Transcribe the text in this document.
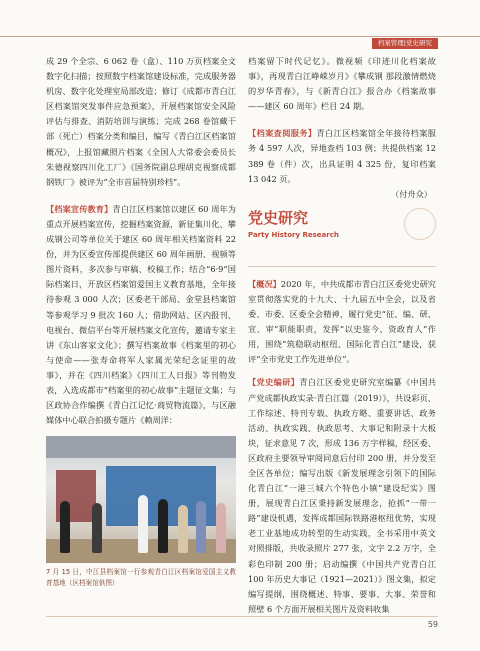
档案管理|党史研究

成 29 个全宗、6 062 卷（盒）、110 万页档案全文数字化扫描；按照数字档案馆建设标准，完成服务器机房、数字化处理室局部改造；修订《成都市青白江区档案馆突发事件应急预案》，开展档案馆安全风险评估与排查、消防培训与演练；完成 268 卷馆藏干部（死亡）档案分类和编目，编写《青白江区档案馆概况》，上报馆藏照片档案《全国人大常委会委员长朱德视察四川化工厂》《国务院副总理胡克视察成都钢铁厂》被评为“全市首届特别珍档”。

【档案宣传教育】青白江区档案馆以建区 60 周年为重点开展档案宣传，挖掘档案资源，新征集川化、攀成钢公司等单位关于建区 60 周年相关档案资料 22 份，并为区委宣传部提供建区 60 周年画册、视频等图片资料，多次参与审稿、校稿工作；结合“6·9”国际档案日，开放区档案馆爱国主义教育基地，全年接待参观 3 000 人次；区委老干部局、金堂县档案馆等参观学习 9 批次 160 人；借助网站、区内报刊、电视台、微信平台等开展档案文化宣传，邀请专家主讲《东山客家文化》；撰写档案故事《档案里的初心与使命——张寿命将军人家属光荣纪念证里的故事》，并在《四川档案》《四川工人日报》等刊物发表，入选成都市“档案里的初心故事”主题征文集；与区政协合作编撰《青白江记忆·商贸物流篇》，与区融媒体中心联合拍摄专题片《赖周洋：

7 月 15 日，中江县档案馆一行参观青白江区档案馆爱国主义教育基地（区档案馆供图）

档案留下时代记忆》。微视频《印迹川化档案故事》，再现青白江峥嵘岁月》《攀成钢 那段激情燃烧的岁华青春》，与《新青白江》报合办《档案故事——建区 60 周年》栏目 24 期。

【档案查阅服务】青白江区档案馆全年接待档案服务 4 597 人次，异地查档 103 例；共提供档案 12 389 卷（件）次，出具证明 4 325 份，复印档案 13 042 页。

（付舟众）

党史研究
Party History Research

【概况】2020 年，中共成都市青白江区委党史研究室贯彻落实党的十九大、十九届五中全会，以及省委、市委、区委全会精神，履行党史“征、编、研、宣、审”职能职责，发挥“以史鉴今、资政育人”作用，围绕“筑稳联动枢纽、国际化青白江”建设，获评“全市党史工作先进单位”。

【党史编研】青白江区委党史研究室编纂《中国共产党成都执政实录·青白江篇（2019）》，共设彩页、工作综述、特刊专载、执政方略、重要讲话、政务活动、执政实践、执政思考、大事记和附录十大板块，征求意见 7 次，形成 136 万字样稿，经区委、区政府主要领导审阅同意后付印 200 册，并分发至全区各单位；编写出版《新发展理念引领下的国际化青白江“一港三城六个特色小镇”建设纪实》图册，展现青白江区秉持新发展理念，抢抓“一带一路”建设机遇，发挥成都国际铁路港枢纽优势，实现老工业基地成功转型的生动实践，全书采用中英文对照排版，共收录照片 277 张，文字 2.2 万字，全彩色印制 200 册；启动编撰《中国共产党青白江 100 年历史大事记（1921—2021）》图文集，拟定编写提纲，围绕概述、特事、要事、大事、荣誉和照壁 6 个方面开展相关图片及资料收集

59
